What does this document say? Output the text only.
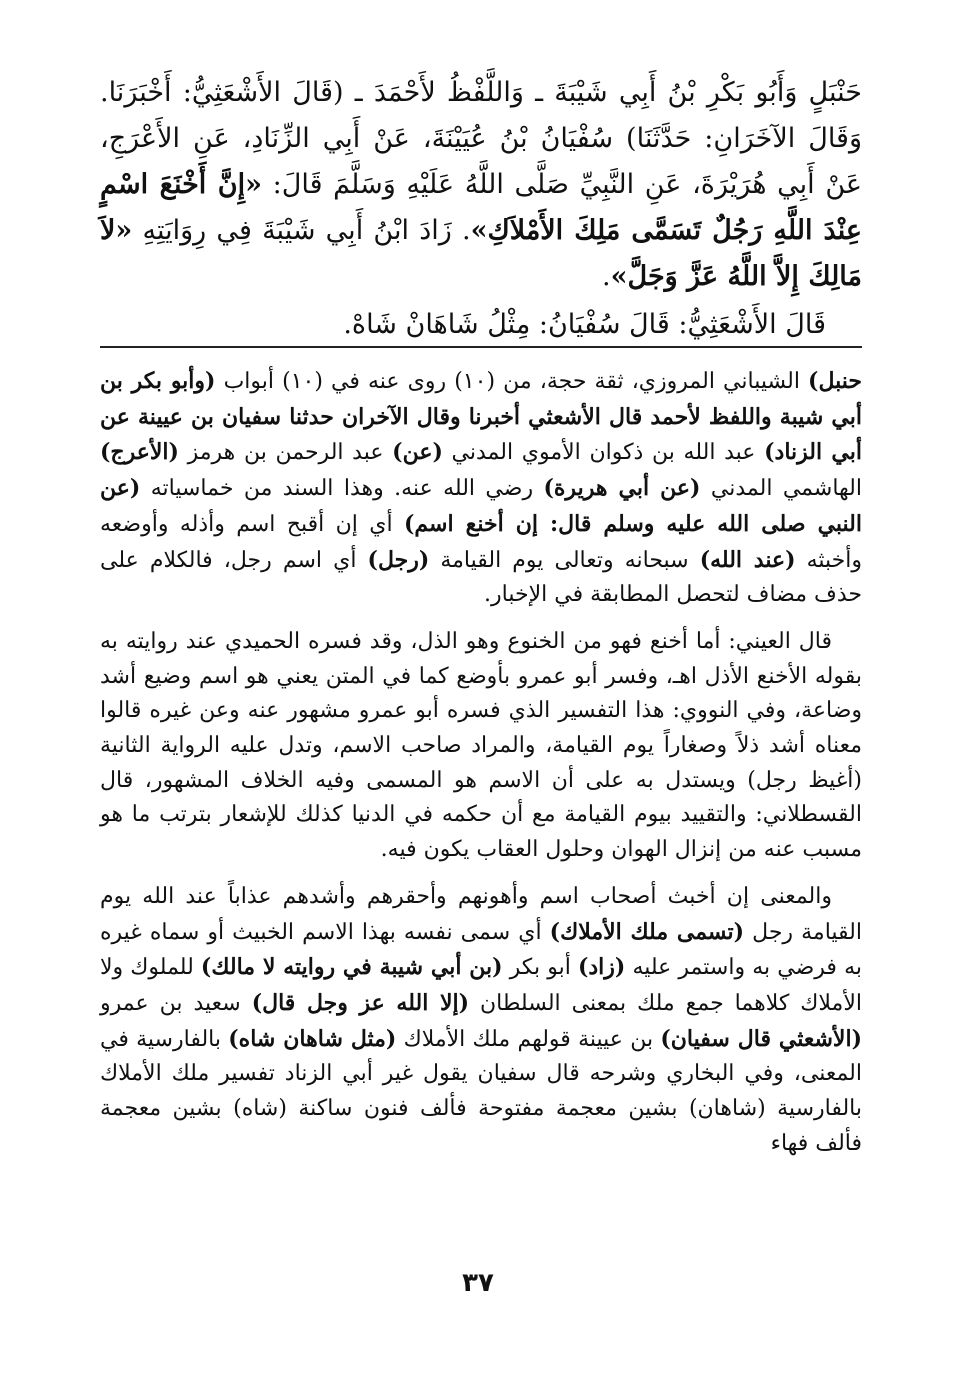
حَنْبَلٍ وَأَبُو بَكْرِ بْنُ أَبِي شَيْبَةَ ـ وَاللَّفْظُ لأَحْمَدَ ـ (قَالَ الأَشْعَثِيُّ: أَخْبَرَنَا. وَقَالَ الآخَرَانِ: حَدَّثَنَا) سُفْيَانُ بْنُ عُيَيْنَةَ، عَنْ أَبِي الزِّنَادِ، عَنِ الأَعْرَجِ، عَنْ أَبِي هُرَيْرَةَ، عَنِ النَّبِيِّ صَلَّى اللَّهُ عَلَيْهِ وَسَلَّمَ قَالَ: «إِنَّ أَخْنَعَ اسْمٍ عِنْدَ اللَّهِ رَجُلٌ تَسَمَّى مَلِكَ الأَمْلاَكِ». زَادَ ابْنُ أَبِي شَيْبَةَ فِي رِوَايَتِهِ «لاَ مَالِكَ إِلاَّ اللَّهُ عَزَّ وَجَلَّ».

قَالَ الأَشْعَثِيُّ: قَالَ سُفْيَانُ: مِثْلُ شَاهَانْ شَاهْ.

حنبل) الشيباني المروزي، ثقة حجة، من (١٠) روى عنه في (١٠) أبواب (وأبو بكر بن أبي شيبة واللفظ لأحمد قال الأشعثي أخبرنا وقال الآخران حدثنا سفيان بن عيينة عن أبي الزناد) عبد الله بن ذكوان الأموي المدني (عن) عبد الرحمن بن هرمز (الأعرج) الهاشمي المدني (عن أبي هريرة) رضي الله عنه. وهذا السند من خماسياته (عن النبي صلى الله عليه وسلم قال: إن أخنع اسم) أي إن أقبح اسم وأذله وأوضعه وأخبثه (عند الله) سبحانه وتعالى يوم القيامة (رجل) أي اسم رجل، فالكلام على حذف مضاف لتحصل المطابقة في الإخبار.

قال العيني: أما أخنع فهو من الخنوع وهو الذل، وقد فسره الحميدي عند روايته به بقوله الأخنع الأذل اهـ، وفسر أبو عمرو بأوضع كما في المتن يعني هو اسم وضيع أشد وضاعة، وفي النووي: هذا التفسير الذي فسره أبو عمرو مشهور عنه وعن غيره قالوا معناه أشد ذلاً وصغاراً يوم القيامة، والمراد صاحب الاسم، وتدل عليه الرواية الثانية (أغيظ رجل) ويستدل به على أن الاسم هو المسمى وفيه الخلاف المشهور، قال القسطلاني: والتقييد بيوم القيامة مع أن حكمه في الدنيا كذلك للإشعار بترتب ما هو مسبب عنه من إنزال الهوان وحلول العقاب يكون فيه.

والمعنى إن أخبث أصحاب اسم وأهونهم وأحقرهم وأشدهم عذاباً عند الله يوم القيامة رجل (تسمى ملك الأملاك) أي سمى نفسه بهذا الاسم الخبيث أو سماه غيره به فرضي به واستمر عليه (زاد) أبو بكر (بن أبي شيبة في روايته لا مالك) للملوك ولا الأملاك كلاهما جمع ملك بمعنى السلطان (إلا الله عز وجل قال) سعيد بن عمرو (الأشعثي قال سفيان) بن عيينة قولهم ملك الأملاك (مثل شاهان شاه) بالفارسية في المعنى، وفي البخاري وشرحه قال سفيان يقول غير أبي الزناد تفسير ملك الأملاك بالفارسية (شاهان) بشين معجمة مفتوحة فألف فنون ساكنة (شاه) بشين معجمة فألف فهاء

٣٧
